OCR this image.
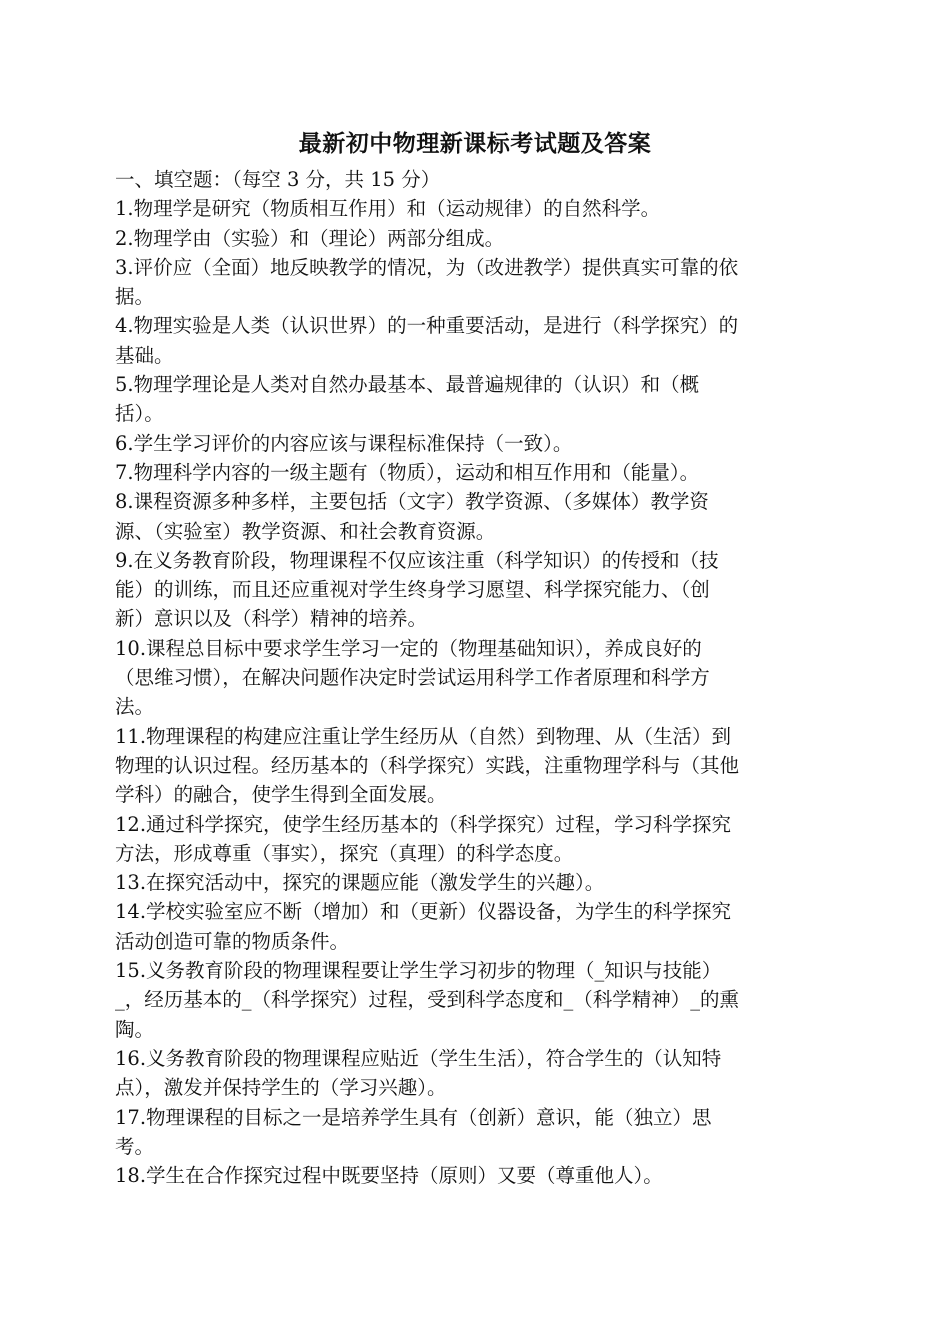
最新初中物理新课标考试题及答案
一、填空题：（每空 3 分，共 15 分）
1.物理学是研究（物质相互作用）和（运动规律）的自然科学。
2.物理学由（实验）和（理论）两部分组成。
3.评价应（全面）地反映教学的情况，为（改进教学）提供真实可靠的依
据。
4.物理实验是人类（认识世界）的一种重要活动，是进行（科学探究）的
基础。
5.物理学理论是人类对自然办最基本、最普遍规律的（认识）和（概
括）。
6.学生学习评价的内容应该与课程标准保持（一致）。
7.物理科学内容的一级主题有（物质），运动和相互作用和（能量）。
8.课程资源多种多样，主要包括（文字）教学资源、（多媒体）教学资
源、（实验室）教学资源、和社会教育资源。
9.在义务教育阶段，物理课程不仅应该注重（科学知识）的传授和（技
能）的训练，而且还应重视对学生终身学习愿望、科学探究能力、（创
新）意识以及（科学）精神的培养。
10.课程总目标中要求学生学习一定的（物理基础知识），养成良好的
（思维习惯），在解决问题作决定时尝试运用科学工作者原理和科学方
法。
11.物理课程的构建应注重让学生经历从（自然）到物理、从（生活）到
物理的认识过程。经历基本的（科学探究）实践，注重物理学科与（其他
学科）的融合，使学生得到全面发展。
12.通过科学探究，使学生经历基本的（科学探究）过程，学习科学探究
方法，形成尊重（事实），探究（真理）的科学态度。
13.在探究活动中，探究的课题应能（激发学生的兴趣）。
14.学校实验室应不断（增加）和（更新）仪器设备，为学生的科学探究
活动创造可靠的物质条件。
15.义务教育阶段的物理课程要让学生学习初步的物理（_知识与技能）
_，经历基本的_（科学探究）过程，受到科学态度和_（科学精神）_的熏
陶。
16.义务教育阶段的物理课程应贴近（学生生活），符合学生的（认知特
点），激发并保持学生的（学习兴趣）。
17.物理课程的目标之一是培养学生具有（创新）意识，能（独立）思
考。
18.学生在合作探究过程中既要坚持（原则）又要（尊重他人）。
